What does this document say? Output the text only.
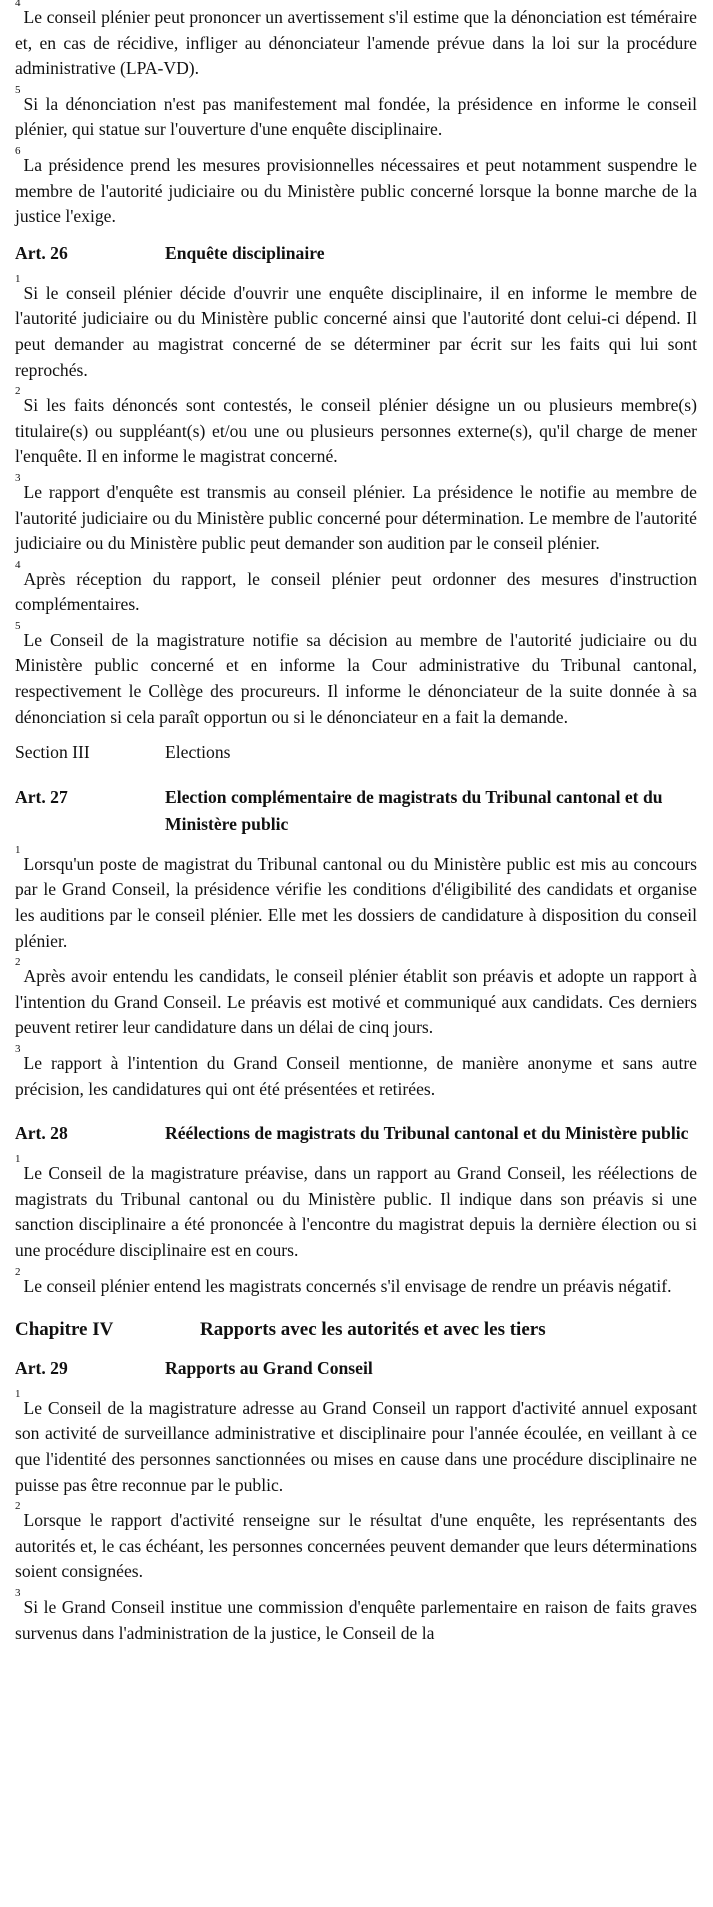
$^4$Le conseil plénier peut prononcer un avertissement s'il estime que la dénonciation est téméraire et, en cas de récidive, infliger au dénonciateur l'amende prévue dans la loi sur la procédure administrative (LPA-VD).

$^5$Si la dénonciation n'est pas manifestement mal fondée, la présidence en informe le conseil plénier, qui statue sur l'ouverture d'une enquête disciplinaire.

$^6$La présidence prend les mesures provisionnelles nécessaires et peut notamment suspendre le membre de l'autorité judiciaire ou du Ministère public concerné lorsque la bonne marche de la justice l'exige.

Art. 26	Enquête disciplinaire

$^1$Si le conseil plénier décide d'ouvrir une enquête disciplinaire, il en informe le membre de l'autorité judiciaire ou du Ministère public concerné ainsi que l'autorité dont celui-ci dépend. Il peut demander au magistrat concerné de se déterminer par écrit sur les faits qui lui sont reprochés.

$^2$Si les faits dénoncés sont contestés, le conseil plénier désigne un ou plusieurs membre(s) titulaire(s) ou suppléant(s) et/ou une ou plusieurs personnes externe(s), qu'il charge de mener l'enquête. Il en informe le magistrat concerné.

$^3$Le rapport d'enquête est transmis au conseil plénier. La présidence le notifie au membre de l'autorité judiciaire ou du Ministère public concerné pour détermination. Le membre de l'autorité judiciaire ou du Ministère public peut demander son audition par le conseil plénier.

$^4$Après réception du rapport, le conseil plénier peut ordonner des mesures d'instruction complémentaires.

$^5$Le Conseil de la magistrature notifie sa décision au membre de l'autorité judiciaire ou du Ministère public concerné et en informe la Cour administrative du Tribunal cantonal, respectivement le Collège des procureurs. Il informe le dénonciateur de la suite donnée à sa dénonciation si cela paraît opportun ou si le dénonciateur en a fait la demande.

Section III	Elections
Art. 27	Election complémentaire de magistrats du Tribunal cantonal et du Ministère public

$^1$Lorsqu'un poste de magistrat du Tribunal cantonal ou du Ministère public est mis au concours par le Grand Conseil, la présidence vérifie les conditions d'éligibilité des candidats et organise les auditions par le conseil plénier. Elle met les dossiers de candidature à disposition du conseil plénier.

$^2$Après avoir entendu les candidats, le conseil plénier établit son préavis et adopte un rapport à l'intention du Grand Conseil. Le préavis est motivé et communiqué aux candidats. Ces derniers peuvent retirer leur candidature dans un délai de cinq jours.

$^3$Le rapport à l'intention du Grand Conseil mentionne, de manière anonyme et sans autre précision, les candidatures qui ont été présentées et retirées.

Art. 28	Réélections de magistrats du Tribunal cantonal et du Ministère public

$^1$Le Conseil de la magistrature préavise, dans un rapport au Grand Conseil, les réélections de magistrats du Tribunal cantonal ou du Ministère public. Il indique dans son préavis si une sanction disciplinaire a été prononcée à l'encontre du magistrat depuis la dernière élection ou si une procédure disciplinaire est en cours.

$^2$Le conseil plénier entend les magistrats concernés s'il envisage de rendre un préavis négatif.

Chapitre IV	Rapports avec les autorités et avec les tiers
Art. 29	Rapports au Grand Conseil

$^1$Le Conseil de la magistrature adresse au Grand Conseil un rapport d'activité annuel exposant son activité de surveillance administrative et disciplinaire pour l'année écoulée, en veillant à ce que l'identité des personnes sanctionnées ou mises en cause dans une procédure disciplinaire ne puisse pas être reconnue par le public.

$^2$Lorsque le rapport d'activité renseigne sur le résultat d'une enquête, les représentants des autorités et, le cas échéant, les personnes concernées peuvent demander que leurs déterminations soient consignées.

$^3$Si le Grand Conseil institue une commission d'enquête parlementaire en raison de faits graves survenus dans l'administration de la justice, le Conseil de la
